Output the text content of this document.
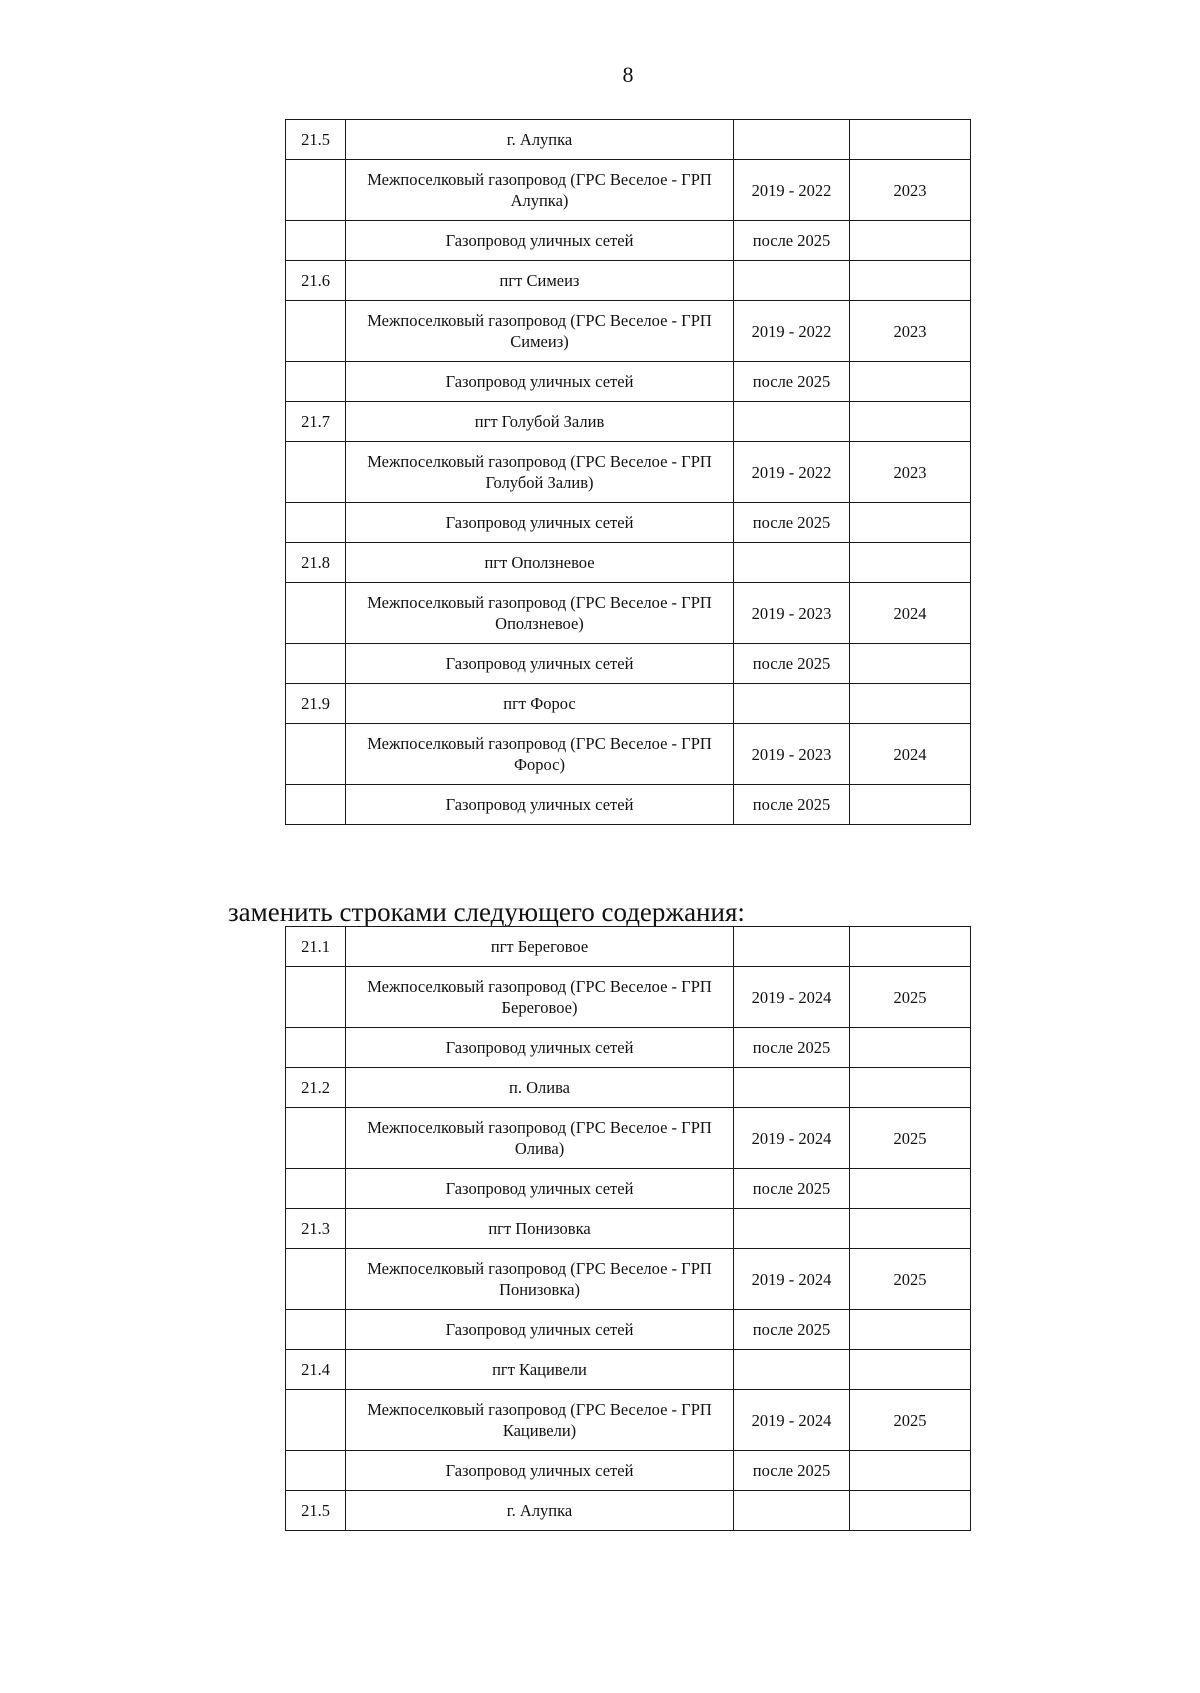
8
21.5	г. Алупка		
	Межпоселковый газопровод (ГРС Веселое - ГРП Алупка)	2019 - 2022	2023
	Газопровод уличных сетей	после 2025	
21.6	пгт Симеиз		
	Межпоселковый газопровод (ГРС Веселое - ГРП Симеиз)	2019 - 2022	2023
	Газопровод уличных сетей	после 2025	
21.7	пгт Голубой Залив		
	Межпоселковый газопровод (ГРС Веселое - ГРП Голубой Залив)	2019 - 2022	2023
	Газопровод уличных сетей	после 2025	
21.8	пгт Оползневое		
	Межпоселковый газопровод (ГРС Веселое - ГРП Оползневое)	2019 - 2023	2024
	Газопровод уличных сетей	после 2025	
21.9	пгт Форос		
	Межпоселковый газопровод (ГРС Веселое - ГРП Форос)	2019 - 2023	2024
	Газопровод уличных сетей	после 2025	
заменить строками следующего содержания:
21.1	пгт Береговое		
	Межпоселковый газопровод (ГРС Веселое - ГРП Береговое)	2019 - 2024	2025
	Газопровод уличных сетей	после 2025	
21.2	п. Олива		
	Межпоселковый газопровод (ГРС Веселое - ГРП Олива)	2019 - 2024	2025
	Газопровод уличных сетей	после 2025	
21.3	пгт Понизовка		
	Межпоселковый газопровод (ГРС Веселое - ГРП Понизовка)	2019 - 2024	2025
	Газопровод уличных сетей	после 2025	
21.4	пгт Кацивели		
	Межпоселковый газопровод (ГРС Веселое - ГРП Кацивели)	2019 - 2024	2025
	Газопровод уличных сетей	после 2025	
21.5	г. Алупка		
